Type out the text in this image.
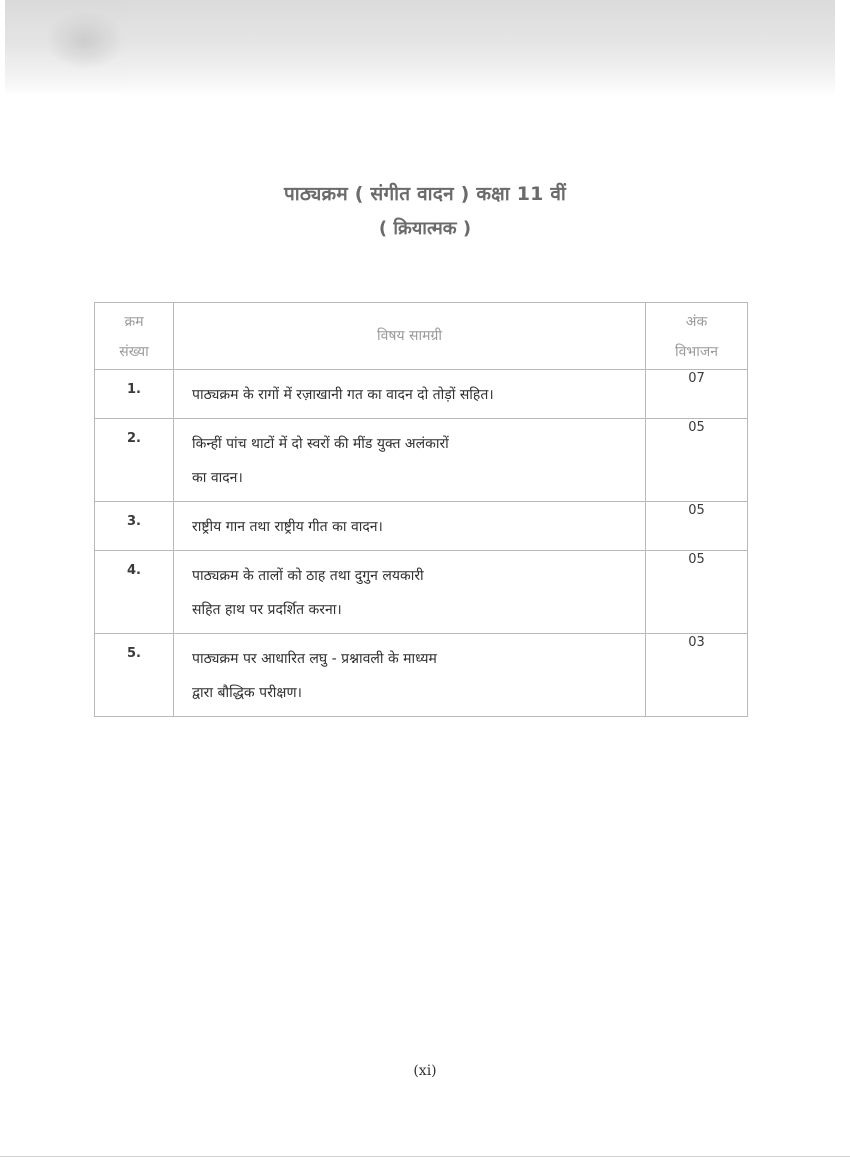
पाठ्यक्रम ( संगीत वादन ) कक्षा 11 वीं
( क्रियात्मक )
क्रम
संख्या	विषय सामग्री	अंक
विभाजन

1.	पाठ्यक्रम के रागों में रज़ाखानी गत का वादन दो तोड़ों सहित।	07
2.	किन्हीं पांच थाटों में दो स्वरों की मींड युक्त अलंकारों
का वादन।	05
3.	राष्ट्रीय गान तथा राष्ट्रीय गीत का वादन।	05
4.	पाठ्यक्रम के तालों को ठाह तथा दुगुन लयकारी
सहित हाथ पर प्रदर्शित करना।	05
5.	पाठ्यक्रम पर आधारित लघु - प्रश्नावली के माध्यम
द्वारा बौद्धिक परीक्षण।	03
(xi)
